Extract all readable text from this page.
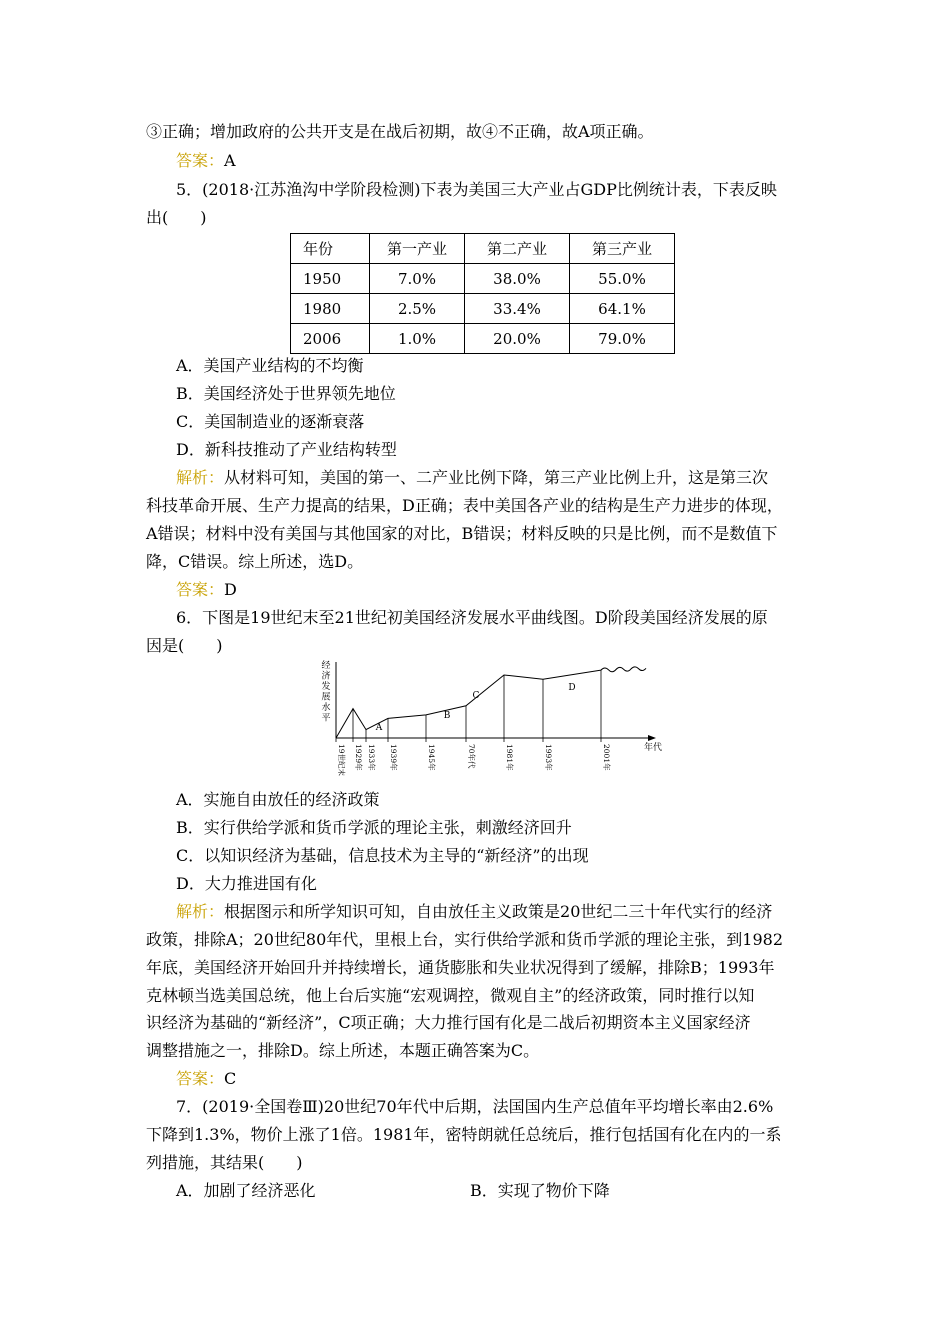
③正确；增加政府的公共开支是在战后初期，故④不正确，故A项正确。
答案：A
5．(2018·江苏渔沟中学阶段检测)下表为美国三大产业占GDP比例统计表，下表反映
出(　　)
年份	第一产业	第二产业	第三产业
1950	7.0%	38.0%	55.0%
1980	2.5%	33.4%	64.1%
2006	1.0%	20.0%	79.0%
A．美国产业结构的不均衡
B．美国经济处于世界领先地位
C．美国制造业的逐渐衰落
D．新科技推动了产业结构转型
解析：从材料可知，美国的第一、二产业比例下降，第三产业比例上升，这是第三次
科技革命开展、生产力提高的结果，D正确；表中美国各产业的结构是生产力进步的体现，
A错误；材料中没有美国与其他国家的对比，B错误；材料反映的只是比例，而不是数值下
降，C错误。综上所述，选D。
答案：D
6．下图是19世纪末至21世纪初美国经济发展水平曲线图。D阶段美国经济发展的原
因是(　　)
经
济
发
展
水
平
年代
19世纪末 1929年 1933年 1939年	1945年	70年代	1981年	1993年	2001年
A
B
C
D
A．实施自由放任的经济政策
B．实行供给学派和货币学派的理论主张，刺激经济回升
C．以知识经济为基础，信息技术为主导的“新经济”的出现
D．大力推进国有化
解析：根据图示和所学知识可知，自由放任主义政策是20世纪二三十年代实行的经济
政策，排除A；20世纪80年代，里根上台，实行供给学派和货币学派的理论主张，到1982
年底，美国经济开始回升并持续增长，通货膨胀和失业状况得到了缓解，排除B；1993年
克林顿当选美国总统，他上台后实施“宏观调控，微观自主”的经济政策，同时推行以知
识经济为基础的“新经济”，C项正确；大力推行国有化是二战后初期资本主义国家经济
调整措施之一，排除D。综上所述，本题正确答案为C。
答案：C
7．(2019·全国卷Ⅲ)20世纪70年代中后期，法国国内生产总值年平均增长率由2.6%
下降到1.3%，物价上涨了1倍。1981年，密特朗就任总统后，推行包括国有化在内的一系
列措施，其结果(　　)
A．加剧了经济恶化	B．实现了物价下降
